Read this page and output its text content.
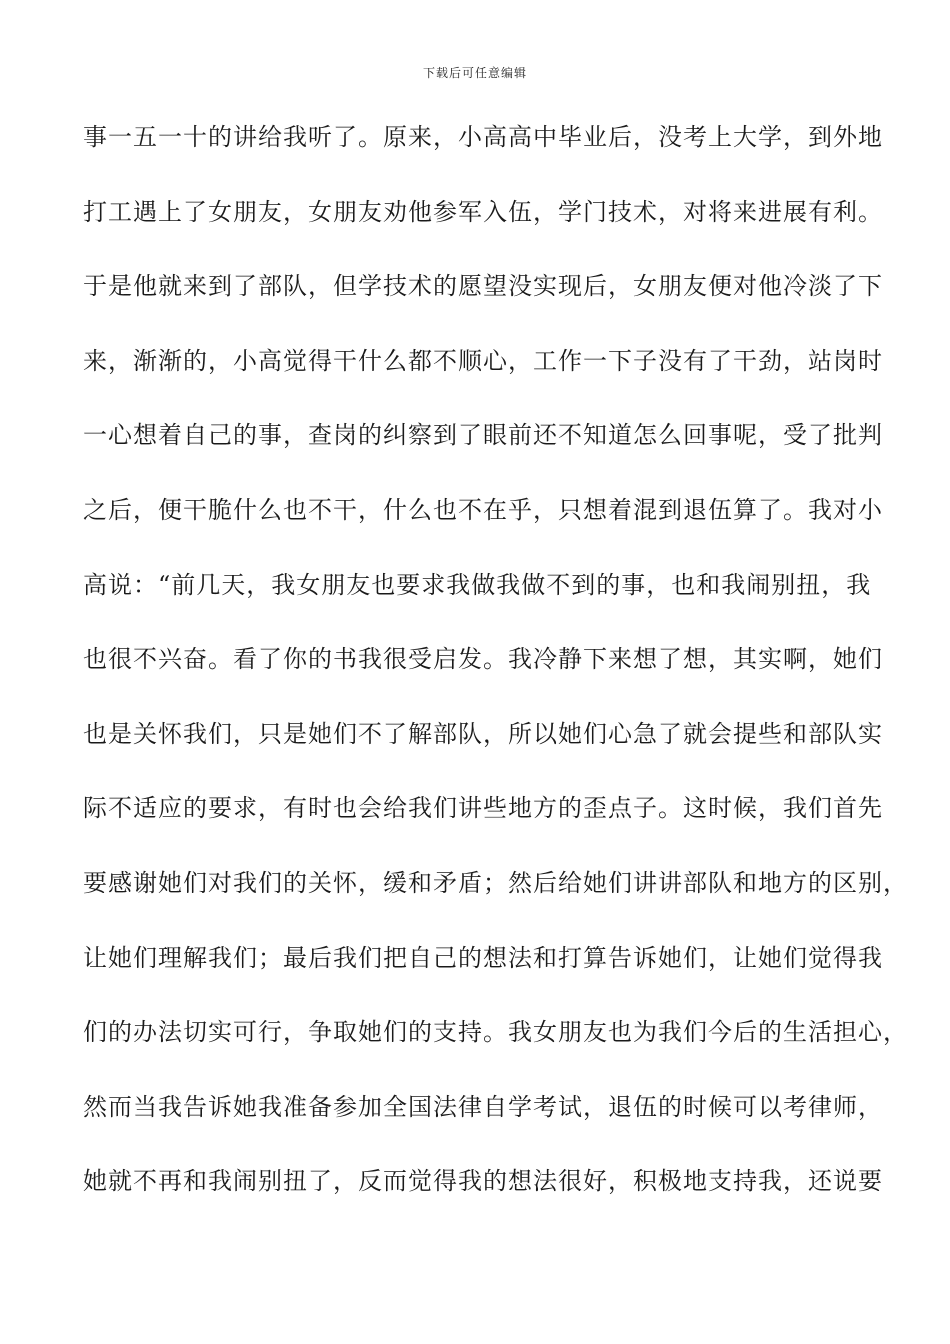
下载后可任意编辑
事一五一十的讲给我听了。原来，小高高中毕业后，没考上大学，到外地
打工遇上了女朋友，女朋友劝他参军入伍，学门技术，对将来进展有利。
于是他就来到了部队，但学技术的愿望没实现后，女朋友便对他冷淡了下
来，渐渐的，小高觉得干什么都不顺心，工作一下子没有了干劲，站岗时
一心想着自己的事，查岗的纠察到了眼前还不知道怎么回事呢，受了批判
之后，便干脆什么也不干，什么也不在乎，只想着混到退伍算了。我对小
高说：“前几天，我女朋友也要求我做我做不到的事，也和我闹别扭，我
也很不兴奋。看了你的书我很受启发。我冷静下来想了想，其实啊，她们
也是关怀我们，只是她们不了解部队，所以她们心急了就会提些和部队实
际不适应的要求，有时也会给我们讲些地方的歪点子。这时候，我们首先
要感谢她们对我们的关怀，缓和矛盾；然后给她们讲讲部队和地方的区别，
让她们理解我们；最后我们把自己的想法和打算告诉她们，让她们觉得我
们的办法切实可行，争取她们的支持。我女朋友也为我们今后的生活担心，
然而当我告诉她我准备参加全国法律自学考试，退伍的时候可以考律师，
她就不再和我闹别扭了，反而觉得我的想法很好，积极地支持我，还说要
